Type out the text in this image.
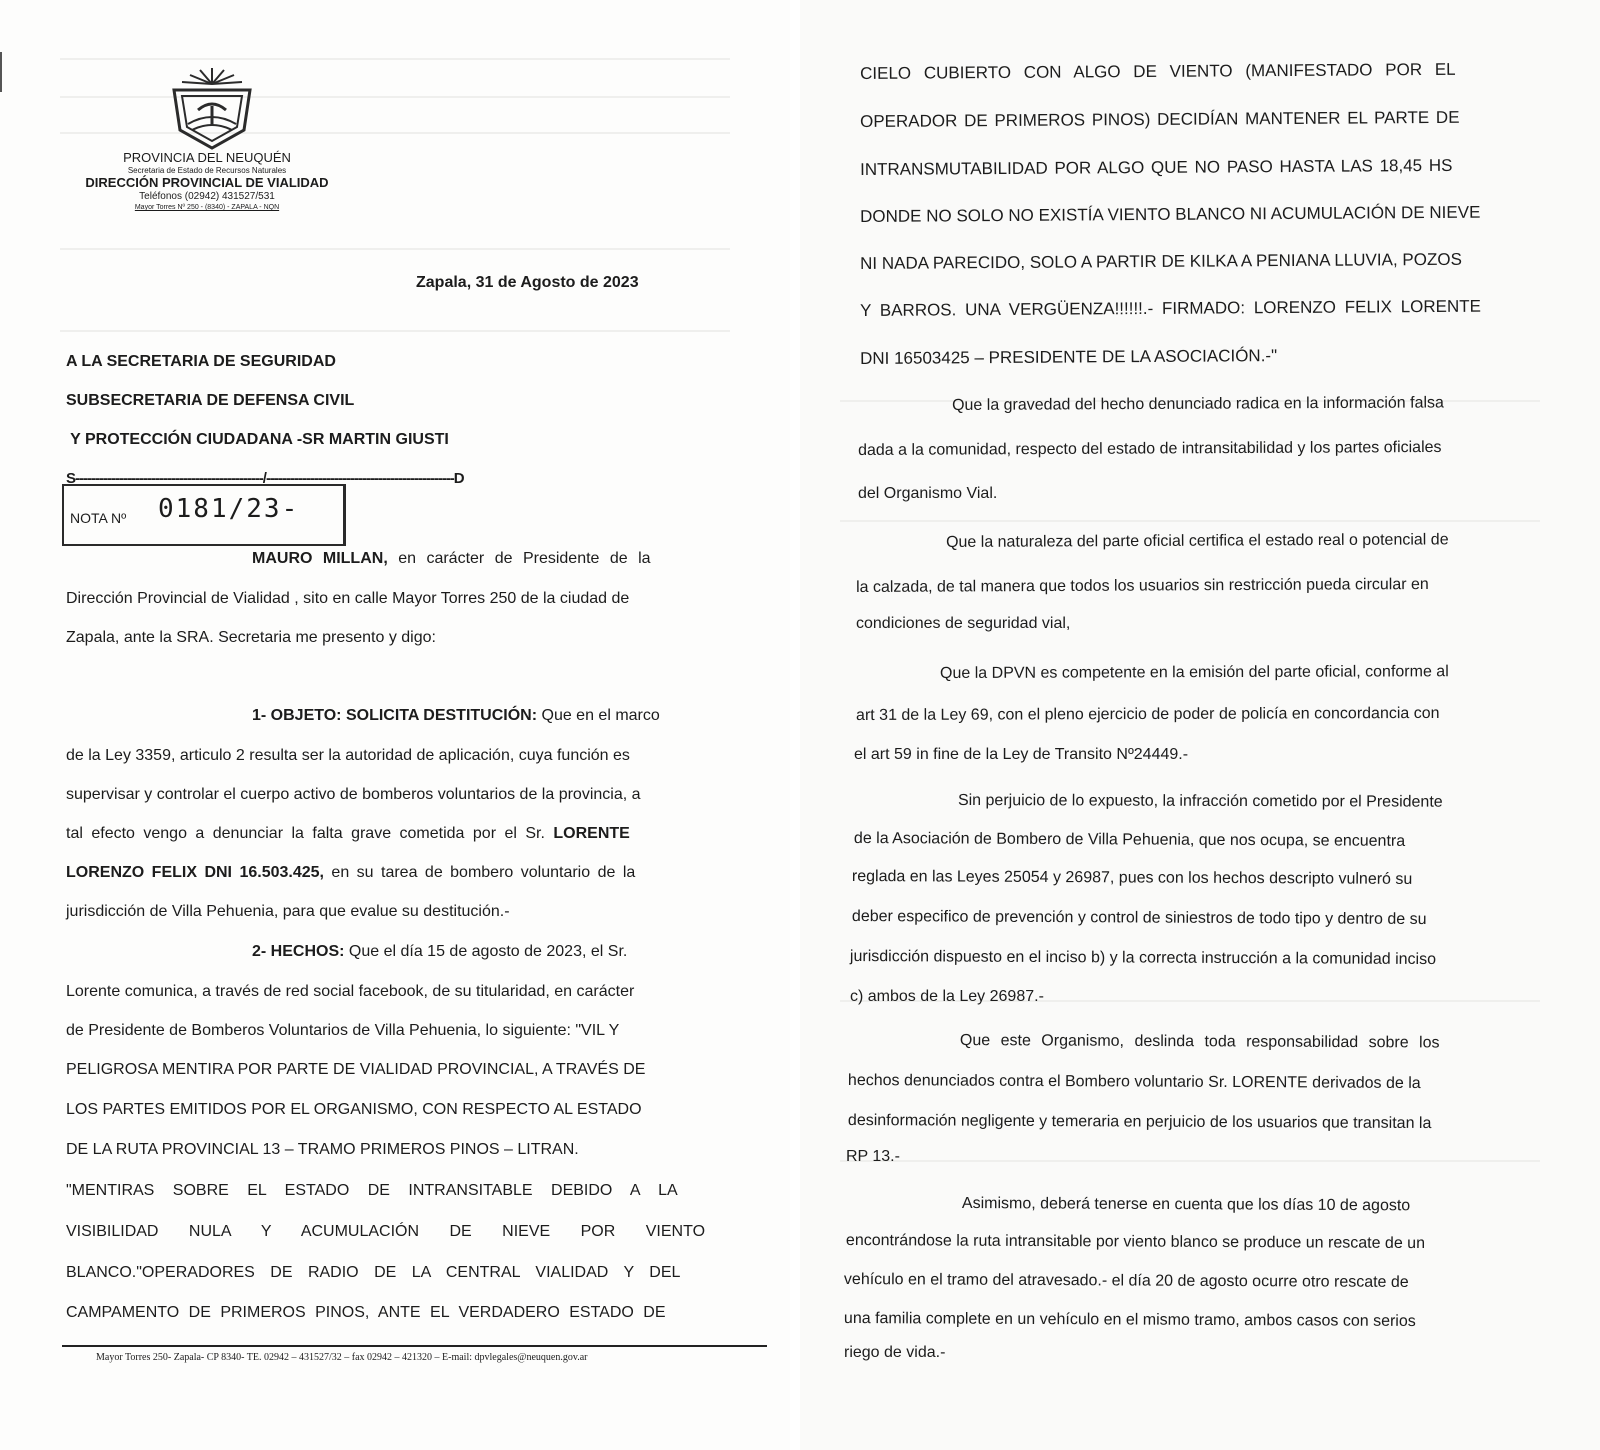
PROVINCIA DEL NEUQUÉN
Secretaria de Estado de Recursos Naturales
DIRECCIÓN PROVINCIAL DE VIALIDAD
Teléfonos (02942) 431527/531
Mayor Torres Nº 250 - (8340) - ZAPALA - NQN
Zapala, 31 de Agosto de 2023
A LA SECRETARIA DE SEGURIDAD
SUBSECRETARIA DE DEFENSA CIVIL
Y PROTECCIÓN CIUDADANA -SR MARTIN GIUSTI
S-----------------------------------------------/-----------------------------------------------D
NOTA Nº 0181/23-
MAURO MILLAN, en carácter de Presidente de la
Dirección Provincial de Vialidad , sito en calle Mayor Torres 250 de la ciudad de
Zapala, ante la SRA. Secretaria me presento y digo:
1- OBJETO: SOLICITA DESTITUCIÓN: Que en el marco
de la Ley 3359, articulo 2 resulta ser la autoridad de aplicación, cuya función es
supervisar y controlar el cuerpo activo de bomberos voluntarios de la provincia, a
tal efecto vengo a denunciar la falta grave cometida por el Sr. LORENTE
LORENZO FELIX DNI 16.503.425, en su tarea de bombero voluntario de la
jurisdicción de Villa Pehuenia, para que evalue su destitución.-
2- HECHOS: Que el día 15 de agosto de 2023, el Sr.
Lorente comunica, a través de red social facebook, de su titularidad, en carácter
de Presidente de Bomberos Voluntarios de Villa Pehuenia, lo siguiente: "VIL Y
PELIGROSA MENTIRA POR PARTE DE VIALIDAD PROVINCIAL, A TRAVÉS DE
LOS PARTES EMITIDOS POR EL ORGANISMO, CON RESPECTO AL ESTADO
DE LA RUTA PROVINCIAL 13 – TRAMO PRIMEROS PINOS – LITRAN.
"MENTIRAS SOBRE EL ESTADO DE INTRANSITABLE DEBIDO A LA
VISIBILIDAD NULA Y ACUMULACIÓN DE NIEVE POR VIENTO
BLANCO."OPERADORES DE RADIO DE LA CENTRAL VIALIDAD Y DEL
CAMPAMENTO DE PRIMEROS PINOS, ANTE EL VERDADERO ESTADO DE
Mayor Torres 250- Zapala- CP 8340- TE. 02942 – 431527/32 – fax 02942 – 421320 – E-mail: dpvlegales@neuquen.gov.ar
CIELO CUBIERTO CON ALGO DE VIENTO (MANIFESTADO POR EL
OPERADOR DE PRIMEROS PINOS) DECIDÍAN MANTENER EL PARTE DE
INTRANSMUTABILIDAD POR ALGO QUE NO PASO HASTA LAS 18,45 HS
DONDE NO SOLO NO EXISTÍA VIENTO BLANCO NI ACUMULACIÓN DE NIEVE
NI NADA PARECIDO, SOLO A PARTIR DE KILKA A PENIANA LLUVIA, POZOS
Y BARROS. UNA VERGÜENZA!!!!!!.- FIRMADO: LORENZO FELIX LORENTE
DNI 16503425 – PRESIDENTE DE LA ASOCIACIÓN.-"
Que la gravedad del hecho denunciado radica en la información falsa
dada a la comunidad, respecto del estado de intransitabilidad y los partes oficiales
del Organismo Vial.
Que la naturaleza del parte oficial certifica el estado real o potencial de
la calzada, de tal manera que todos los usuarios sin restricción pueda circular en
condiciones de seguridad vial,
Que la DPVN es competente en la emisión del parte oficial, conforme al
art 31 de la Ley 69, con el pleno ejercicio de poder de policía en concordancia con
el art 59 in fine de la Ley de Transito Nº24449.-
Sin perjuicio de lo expuesto, la infracción cometido por el Presidente
de la Asociación de Bombero de Villa Pehuenia, que nos ocupa, se encuentra
reglada en las Leyes 25054 y 26987, pues con los hechos descripto vulneró su
deber especifico de prevención y control de siniestros de todo tipo y dentro de su
jurisdicción dispuesto en el inciso b) y la correcta instrucción a la comunidad inciso
c) ambos de la Ley 26987.-
Que este Organismo, deslinda toda responsabilidad sobre los
hechos denunciados contra el Bombero voluntario Sr. LORENTE derivados de la
desinformación negligente y temeraria en perjuicio de los usuarios que transitan la
RP 13.-
Asimismo, deberá tenerse en cuenta que los días 10 de agosto
encontrándose la ruta intransitable por viento blanco se produce un rescate de un
vehículo en el tramo del atravesado.- el día 20 de agosto ocurre otro rescate de
una familia complete en un vehículo en el mismo tramo, ambos casos con serios
riego de vida.-
